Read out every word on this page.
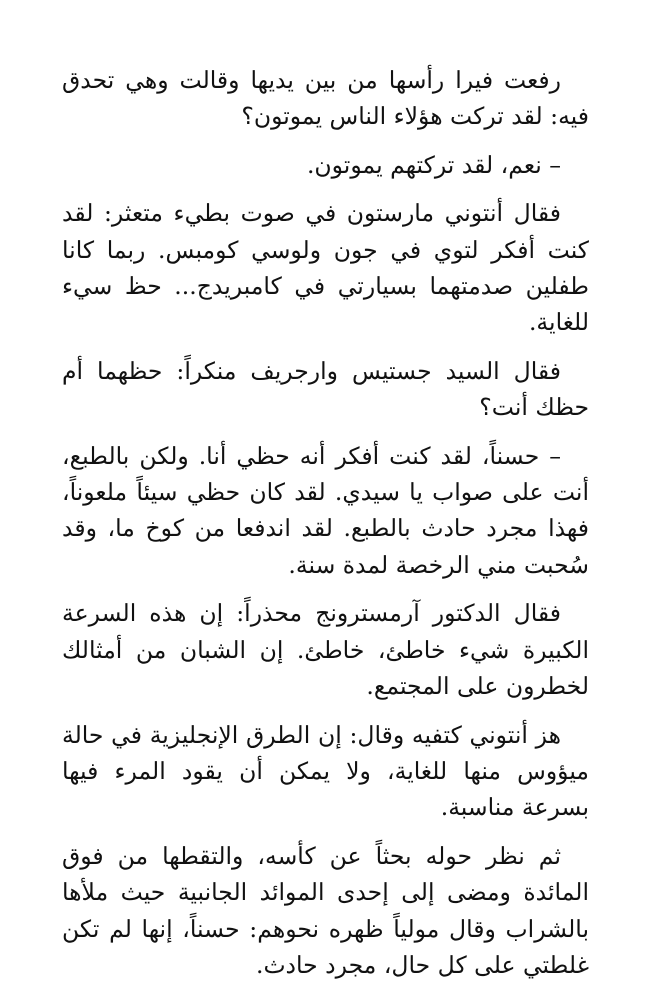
رفعت فيرا رأسها من بين يديها وقالت وهي تحدق فيه: لقد تركت هؤلاء الناس يموتون؟

– نعم، لقد تركتهم يموتون.

فقال أنتوني مارستون في صوت بطيء متعثر: لقد كنت أفكر لتوي في جون ولوسي كومبس. ربما كانا طفلين صدمتهما بسيارتي في كامبريدج... حظ سيء للغاية.

فقال السيد جستيس وارجريف منكراً: حظهما أم حظك أنت؟

– حسناً، لقد كنت أفكر أنه حظي أنا. ولكن بالطبع، أنت على صواب يا سيدي. لقد كان حظي سيئاً ملعوناً، فهذا مجرد حادث بالطبع. لقد اندفعا من كوخ ما، وقد سُحبت مني الرخصة لمدة سنة.

فقال الدكتور آرمسترونج محذراً: إن هذه السرعة الكبيرة شيء خاطئ، خاطئ. إن الشبان من أمثالك لخطرون على المجتمع.

هز أنتوني كتفيه وقال: إن الطرق الإنجليزية في حالة ميؤوس منها للغاية، ولا يمكن أن يقود المرء فيها بسرعة مناسبة.

ثم نظر حوله بحثاً عن كأسه، والتقطها من فوق المائدة ومضى إلى إحدى الموائد الجانبية حيث ملأها بالشراب وقال مولياً ظهره نحوهم: حسناً، إنها لم تكن غلطتي على كل حال، مجرد حادث.
